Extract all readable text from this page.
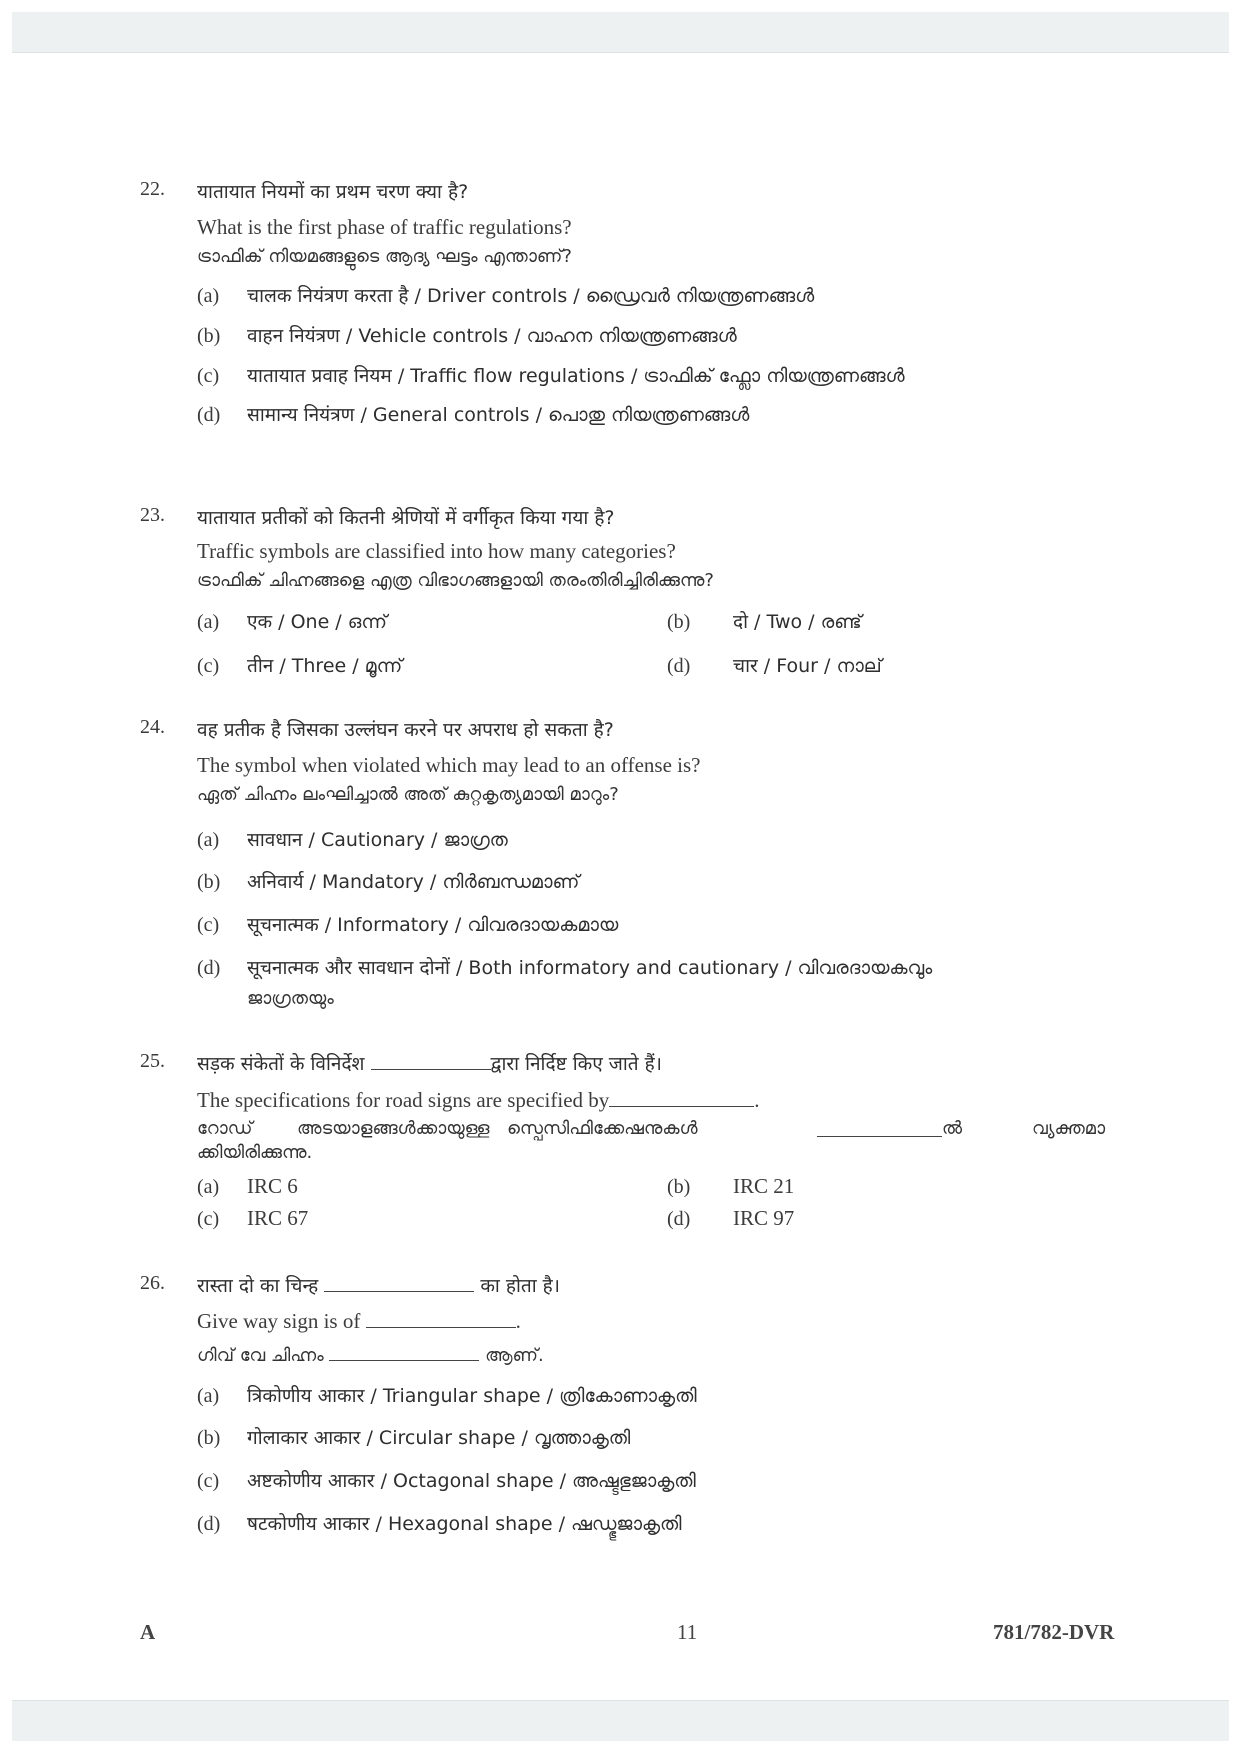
22. यातायात नियमों का प्रथम चरण क्या है?
What is the first phase of traffic regulations?
ട്രാഫിക് നിയമങ്ങളുടെ ആദ്യ ഘട്ടം എന്താണ്?
(a) चालक नियंत्रण करता है / Driver controls / ഡ്രൈവർ നിയന്ത്രണങ്ങൾ
(b) वाहन नियंत्रण / Vehicle controls / വാഹന നിയന്ത്രണങ്ങൾ
(c) यातायात प्रवाह नियम / Traffic flow regulations / ട്രാഫിക് ഫ്ലോ നിയന്ത്രണങ്ങൾ
(d) सामान्य नियंत्रण / General controls / പൊതു നിയന്ത്രണങ്ങൾ
23. यातायात प्रतीकों को कितनी श्रेणियों में वर्गीकृत किया गया है?
Traffic symbols are classified into how many categories?
ട്രാഫിക് ചിഹ്നങ്ങളെ എത്ര വിഭാഗങ്ങളായി തരംതിരിച്ചിരിക്കുന്നു?
(a) एक / One / ഒന്ന്	(b) दो / Two / രണ്ട്
(c) तीन / Three / മൂന്ന്	(d) चार / Four / നാല്
24. वह प्रतीक है जिसका उल्लंघन करने पर अपराध हो सकता है?
The symbol when violated which may lead to an offense is?
ഏത് ചിഹ്നം ലംഘിച്ചാൽ അത് കുറ്റകൃത്യമായി മാറും?
(a) सावधान / Cautionary / ജാഗ്രത
(b) अनिवार्य / Mandatory / നിർബന്ധമാണ്
(c) सूचनात्मक / Informatory / വിവരദായകമായ
(d) सूचनात्मक और सावधान दोनों / Both informatory and cautionary / വിവരദായകവും
ജാഗ്രതയും
25. सड़क संकेतों के विनिर्देश	द्वारा निर्दिष्ट किए जाते हैं।
The specifications for road signs are specified by	.
റോഡ്	അടയാളങ്ങൾക്കായുള്ള സ്പെസിഫിക്കേഷനുകൾ	ൽ	വ്യക്തമാ
ക്കിയിരിക്കുന്നു.
(a) IRC 6	(b) IRC 21
(c) IRC 67	(d) IRC 97
26. रास्ता दो का चिन्ह	का होता है।
Give way sign is of	.
ഗിവ് വേ ചിഹ്നം	ആണ്.
(a) त्रिकोणीय आकार / Triangular shape / ത്രികോണാകൃതി
(b) गोलाकार आकार / Circular shape / വൃത്താകൃതി
(c) अष्टकोणीय आकार / Octagonal shape / അഷ്ടഭുജാകൃതി
(d) षटकोणीय आकार / Hexagonal shape / ഷഡ്ഭുജാകൃതി
A	11	781/782-DVR
